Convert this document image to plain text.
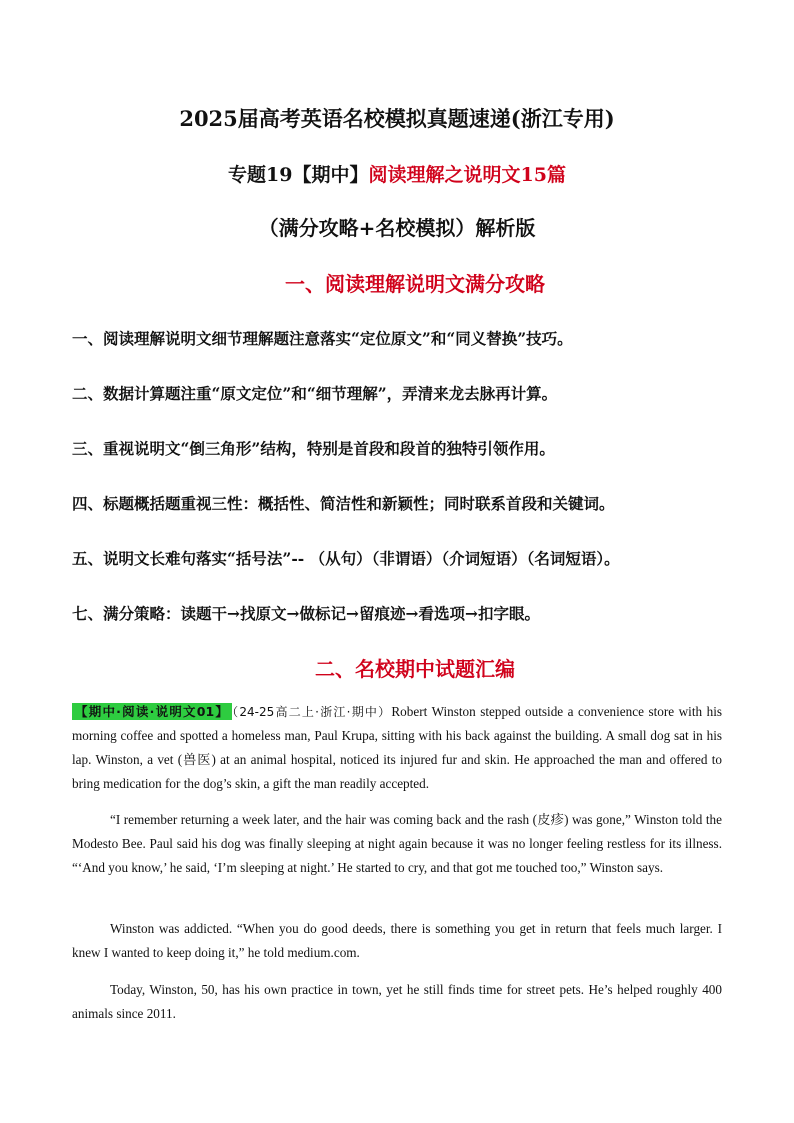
2025届高考英语名校模拟真题速递(浙江专用)
专题19【期中】阅读理解之说明文15篇
（满分攻略+名校模拟）解析版
一、阅读理解说明文满分攻略
一、阅读理解说明文细节理解题注意落实“定位原文”和“同义替换”技巧。
二、数据计算题注重“原文定位”和“细节理解”，弄清来龙去脉再计算。
三、重视说明文“倒三角形”结构，特别是首段和段首的独特引领作用。
四、标题概括题重视三性：概括性、简洁性和新颖性；同时联系首段和关键词。
五、说明文长难句落实“括号法”-- （从句）（非谓语）（介词短语）（名词短语）。
七、满分策略：读题干→找原文→做标记→留痕迹→看选项→扣字眼。
二、名校期中试题汇编
【期中·阅读·说明文01】 （24-25高二上·浙江·期中）Robert Winston stepped outside a convenience store with his morning coffee and spotted a homeless man, Paul Krupa, sitting with his back against the building. A small dog sat in his lap. Winston, a vet (兽医) at an animal hospital, noticed its injured fur and skin. He approached the man and offered to bring medication for the dog’s skin, a gift the man readily accepted.
“I remember returning a week later, and the hair was coming back and the rash (皮疹) was gone,” Winston told the Modesto Bee. Paul said his dog was finally sleeping at night again because it was no longer feeling restless for its illness. “‘And you know,’ he said, ‘I’m sleeping at night.’ He started to cry, and that got me touched too,” Winston says.
Winston was addicted. “When you do good deeds, there is something you get in return that feels much larger. I knew I wanted to keep doing it,” he told medium.com.
Today, Winston, 50, has his own practice in town, yet he still finds time for street pets. He’s helped roughly 400 animals since 2011.
